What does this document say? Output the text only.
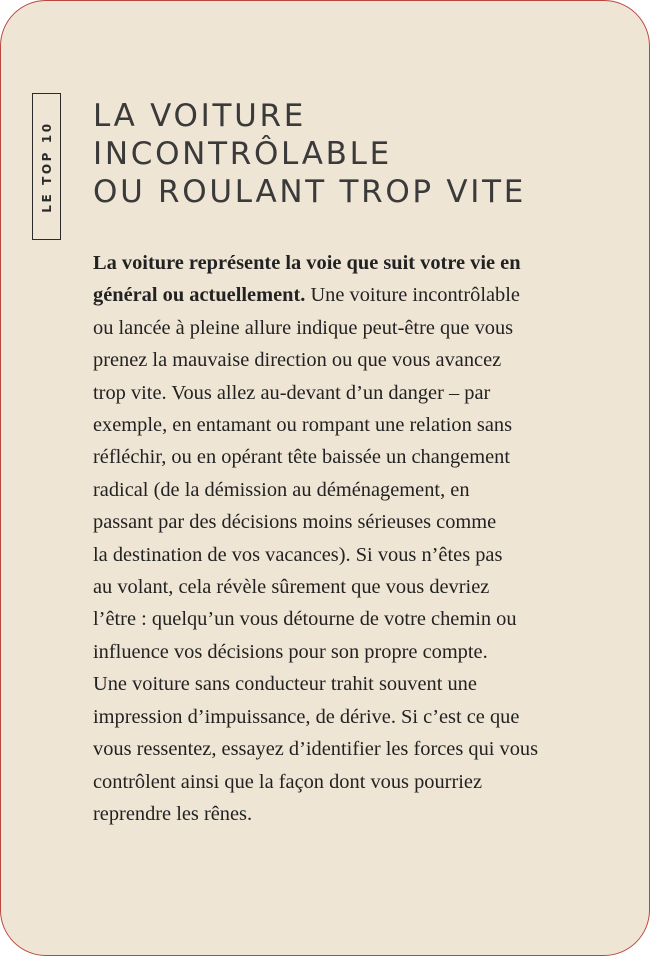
LE TOP 10
LA VOITURE
INCONTRÔLABLE
OU ROULANT TROP VITE
La voiture représente la voie que suit votre vie en
général ou actuellement. Une voiture incontrôlable
ou lancée à pleine allure indique peut-être que vous
prenez la mauvaise direction ou que vous avancez
trop vite. Vous allez au-devant d’un danger – par
exemple, en entamant ou rompant une relation sans
réfléchir, ou en opérant tête baissée un changement
radical (de la démission au déménagement, en
passant par des décisions moins sérieuses comme
la destination de vos vacances). Si vous n’êtes pas
au volant, cela révèle sûrement que vous devriez
l’être : quelqu’un vous détourne de votre chemin ou
influence vos décisions pour son propre compte.
Une voiture sans conducteur trahit souvent une
impression d’impuissance, de dérive. Si c’est ce que
vous ressentez, essayez d’identifier les forces qui vous
contrôlent ainsi que la façon dont vous pourriez
reprendre les rênes.
